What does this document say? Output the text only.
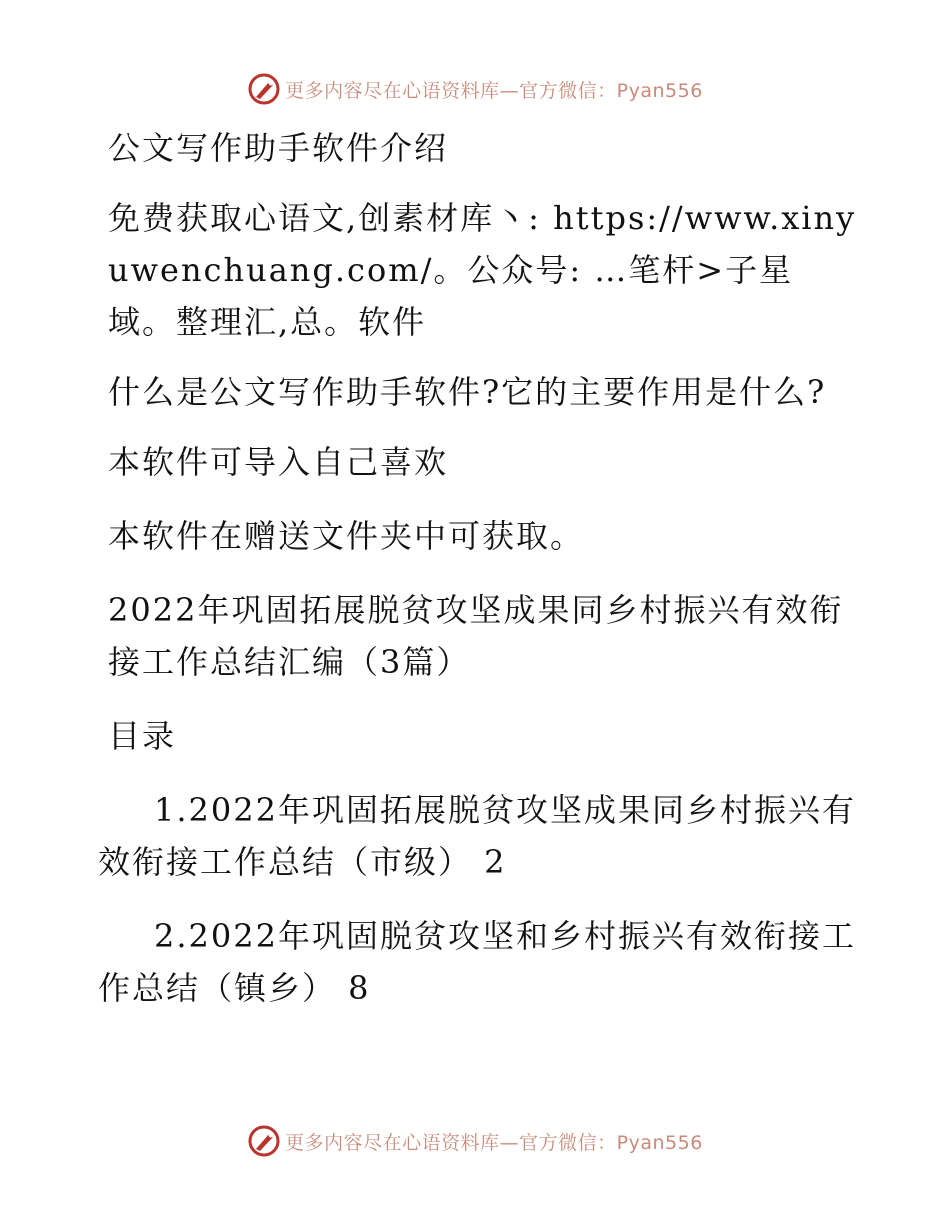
更多内容尽在心语资料库—官方微信：Pyan556

公文写作助手软件介绍

免费获取心语文,创素材库丶: https://www.xinyuwenchuang.com/。公众号: …笔杆>子星域。整理汇,总。软件

什么是公文写作助手软件?它的主要作用是什么?

本软件可导入自己喜欢

本软件在赠送文件夹中可获取。

2022年巩固拓展脱贫攻坚成果同乡村振兴有效衔接工作总结汇编（3篇）

目录

1.2022年巩固拓展脱贫攻坚成果同乡村振兴有效衔接工作总结（市级） 2

2.2022年巩固脱贫攻坚和乡村振兴有效衔接工作总结（镇乡） 8

更多内容尽在心语资料库—官方微信：Pyan556
